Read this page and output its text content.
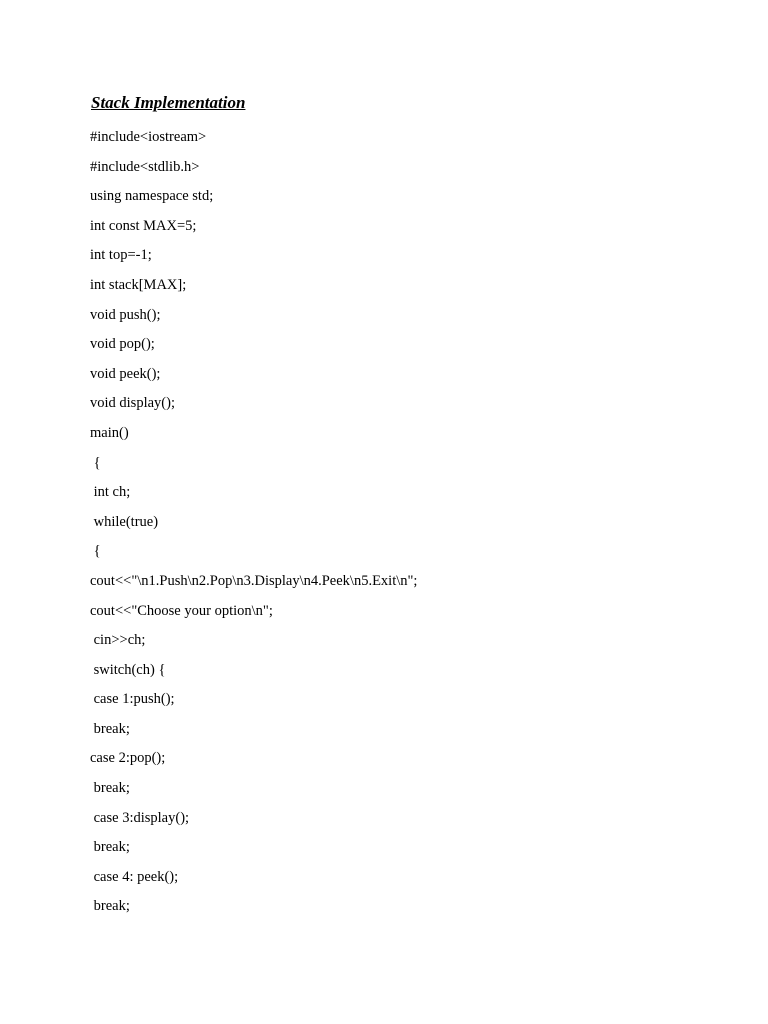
Stack Implementation
#include<iostream>
#include<stdlib.h>
using namespace std;
int const MAX=5;
int top=-1;
int stack[MAX];
void push();
void pop();
void peek();
void display();
main()
{
int ch;
while(true)
{
cout<<"\n1.Push\n2.Pop\n3.Display\n4.Peek\n5.Exit\n";
cout<<"Choose your option\n";
cin>>ch;
switch(ch) {
case 1:push();
break;
case 2:pop();
break;
case 3:display();
break;
case 4: peek();
break;
